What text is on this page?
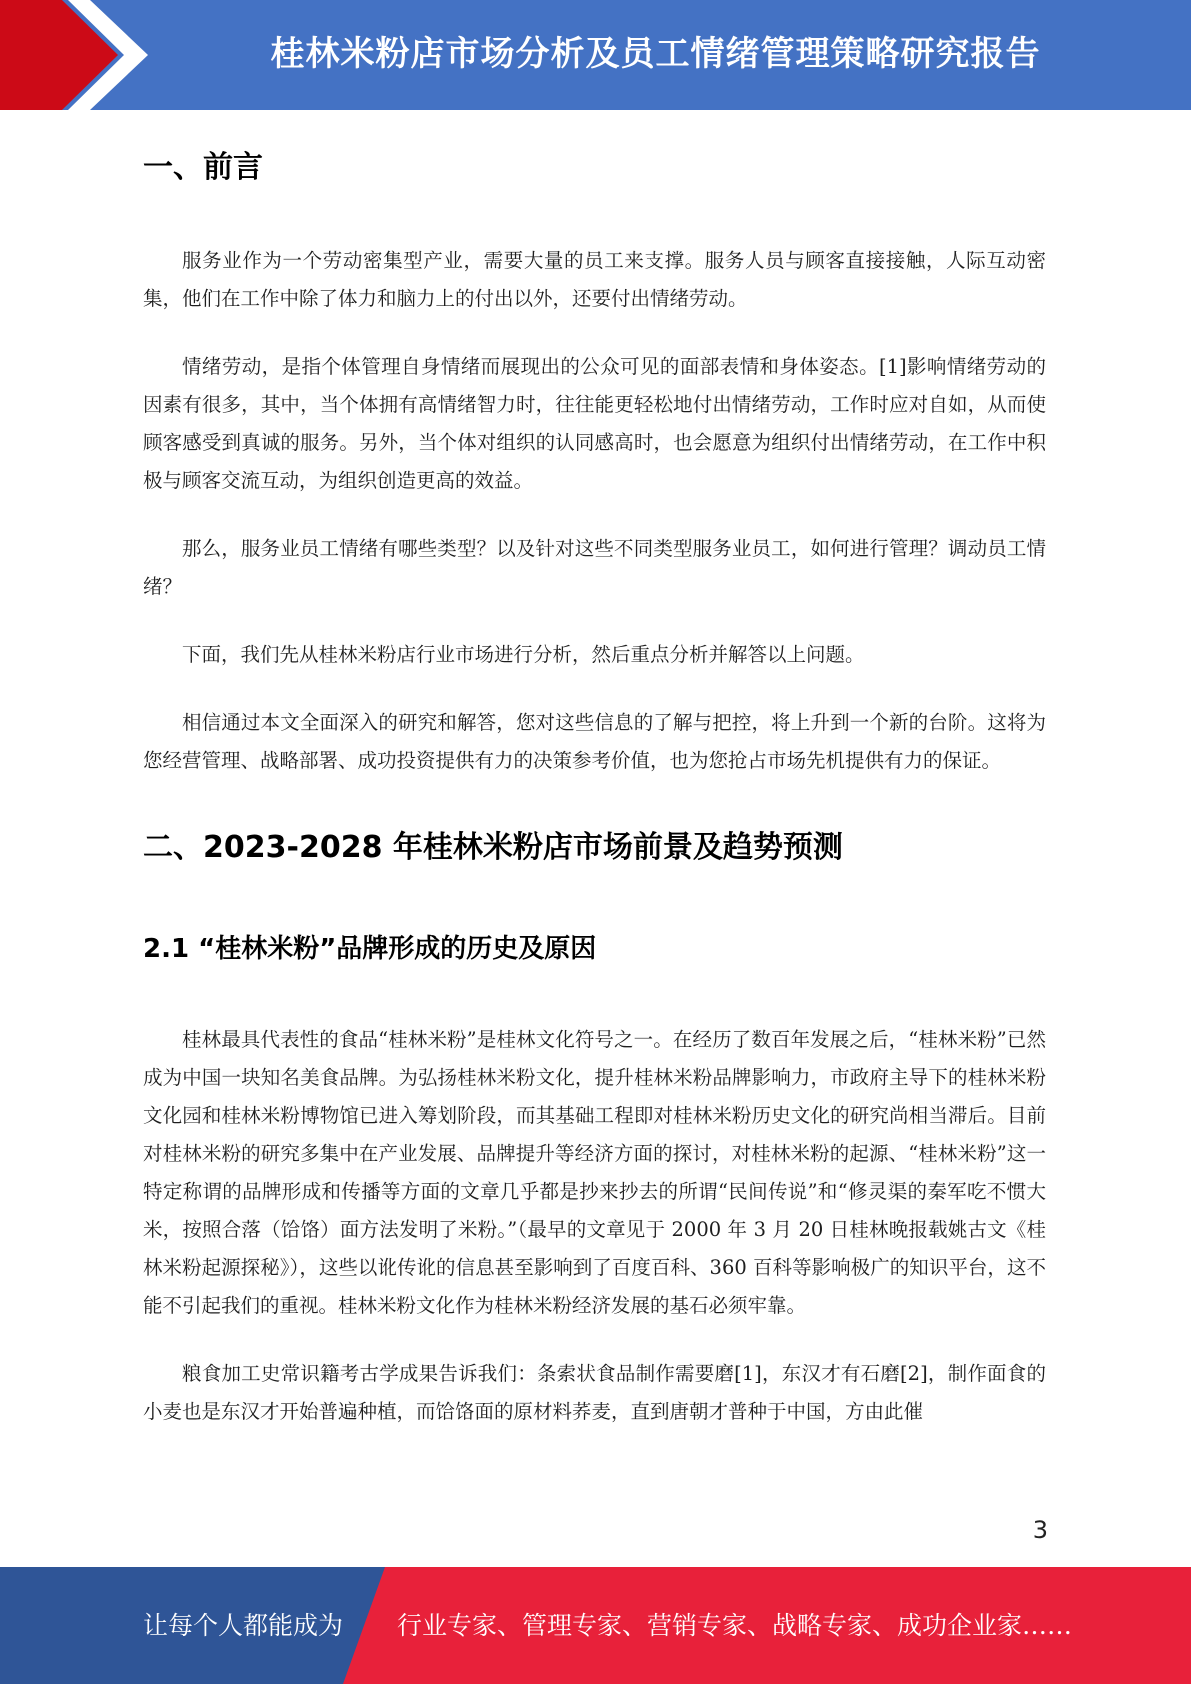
桂林米粉店市场分析及员工情绪管理策略研究报告
一、前言

服务业作为一个劳动密集型产业，需要大量的员工来支撑。服务人员与顾客直接接触，人际互动密集，他们在工作中除了体力和脑力上的付出以外，还要付出情绪劳动。

情绪劳动，是指个体管理自身情绪而展现出的公众可见的面部表情和身体姿态。[1]影响情绪劳动的因素有很多，其中，当个体拥有高情绪智力时，往往能更轻松地付出情绪劳动，工作时应对自如，从而使顾客感受到真诚的服务。另外，当个体对组织的认同感高时，也会愿意为组织付出情绪劳动，在工作中积极与顾客交流互动，为组织创造更高的效益。

那么，服务业员工情绪有哪些类型？以及针对这些不同类型服务业员工，如何进行管理？调动员工情绪？

下面，我们先从桂林米粉店行业市场进行分析，然后重点分析并解答以上问题。

相信通过本文全面深入的研究和解答，您对这些信息的了解与把控，将上升到一个新的台阶。这将为您经营管理、战略部署、成功投资提供有力的决策参考价值，也为您抢占市场先机提供有力的保证。

二、2023-2028 年桂林米粉店市场前景及趋势预测
2.1 “桂林米粉”品牌形成的历史及原因

桂林最具代表性的食品“桂林米粉”是桂林文化符号之一。在经历了数百年发展之后，“桂林米粉”已然成为中国一块知名美食品牌。为弘扬桂林米粉文化，提升桂林米粉品牌影响力，市政府主导下的桂林米粉文化园和桂林米粉博物馆已进入筹划阶段，而其基础工程即对桂林米粉历史文化的研究尚相当滞后。目前对桂林米粉的研究多集中在产业发展、品牌提升等经济方面的探讨，对桂林米粉的起源、“桂林米粉”这一特定称谓的品牌形成和传播等方面的文章几乎都是抄来抄去的所谓“民间传说”和“修灵渠的秦军吃不惯大米，按照合落（饸饹）面方法发明了米粉。”（最早的文章见于 2000 年 3 月 20 日桂林晚报载姚古文《桂林米粉起源探秘》），这些以讹传讹的信息甚至影响到了百度百科、360 百科等影响极广的知识平台，这不能不引起我们的重视。桂林米粉文化作为桂林米粉经济发展的基石必须牢靠。

粮食加工史常识籍考古学成果告诉我们：条索状食品制作需要磨[1]，东汉才有石磨[2]，制作面食的小麦也是东汉才开始普遍种植，而饸饹面的原材料荞麦，直到唐朝才普种于中国，方由此催

3
让每个人都能成为 行业专家、管理专家、营销专家、战略专家、成功企业家……
